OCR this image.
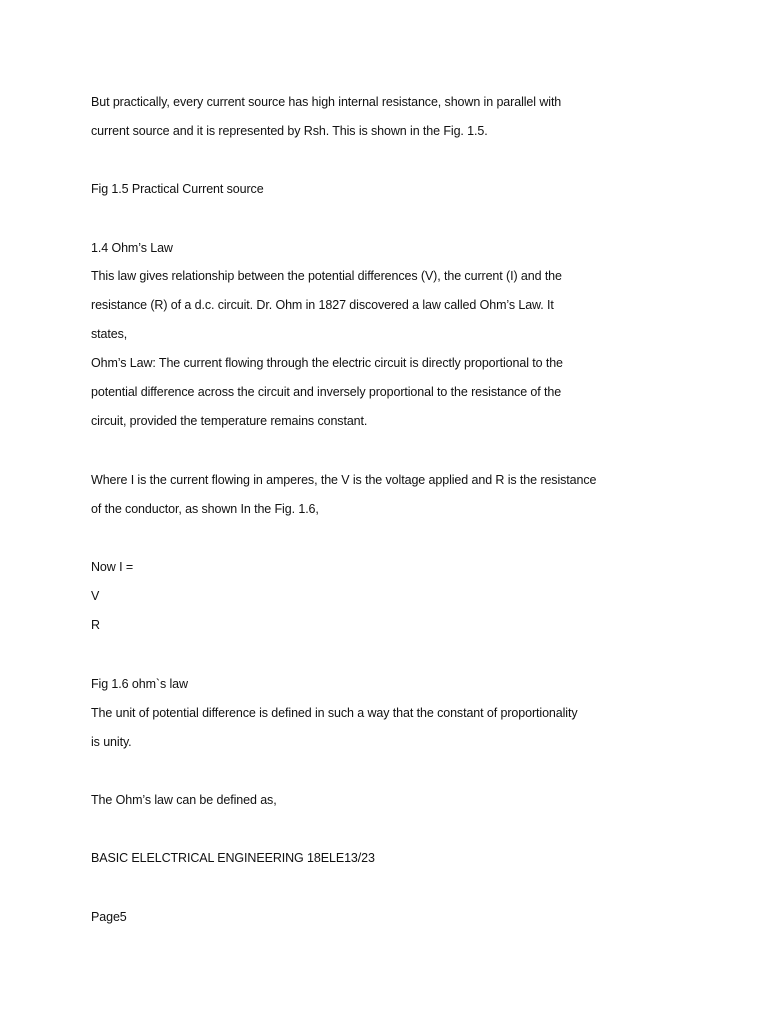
But practically, every current source has high internal resistance, shown in parallel with

current source and it is represented by Rsh. This is shown in the Fig. 1.5.

Fig 1.5 Practical Current source

1.4 Ohm’s Law

This law gives relationship between the potential differences (V), the current (I) and the

resistance (R) of a d.c. circuit. Dr. Ohm in 1827 discovered a law called Ohm’s Law. It

states,

Ohm’s Law: The current flowing through the electric circuit is directly proportional to the

potential difference across the circuit and inversely proportional to the resistance of the

circuit, provided the temperature remains constant.

Where I is the current flowing in amperes, the V is the voltage applied and R is the resistance

of the conductor, as shown In the Fig. 1.6,

Now I =

V

R

Fig 1.6 ohm`s law

The unit of potential difference is defined in such a way that the constant of proportionality

is unity.

The Ohm’s law can be defined as,

BASIC ELELCTRICAL ENGINEERING 18ELE13/23

Page5
